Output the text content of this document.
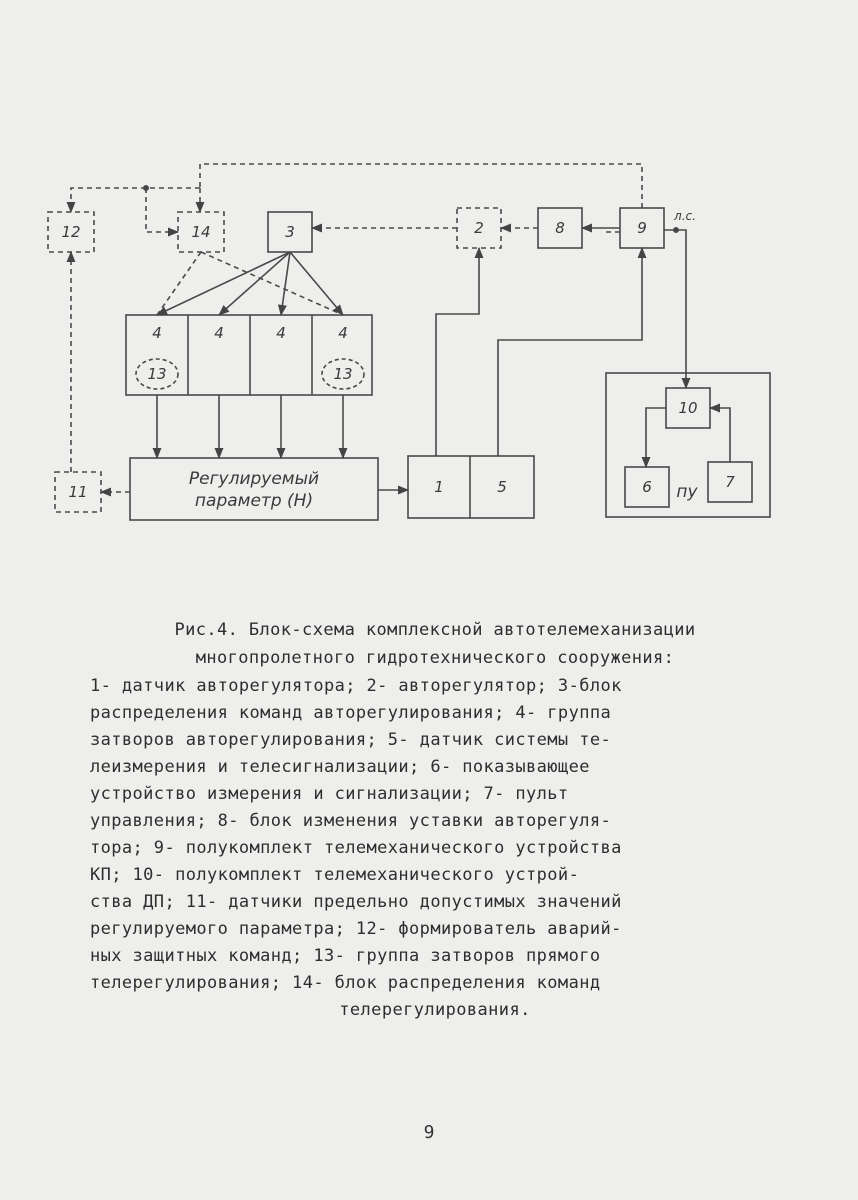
12	14	3	2	8	9
4	4	4	4
13	13
11	1	5
10
6	7
Регулируемый
параметр (Н)
л.с.
пу
Рис.4. Блок-схема комплексной автотелемеханизации
многопролетного гидротехнического сооружения:
1- датчик авторегулятора; 2- авторегулятор; 3-блок
распределения команд авторегулирования; 4- группа
затворов авторегулирования; 5- датчик системы те-
леизмерения и телесигнализации; 6- показывающее
устройство измерения и сигнализации; 7- пульт
управления; 8- блок изменения уставки авторегуля-
тора; 9- полукомплект телемеханического устройства
КП; 10- полукомплект телемеханического устрой-
ства ДП; 11- датчики предельно допустимых значений
регулируемого параметра; 12- формирователь аварий-
ных защитных команд; 13- группа затворов прямого
телерегулирования; 14- блок распределения команд
телерегулирования.
9
